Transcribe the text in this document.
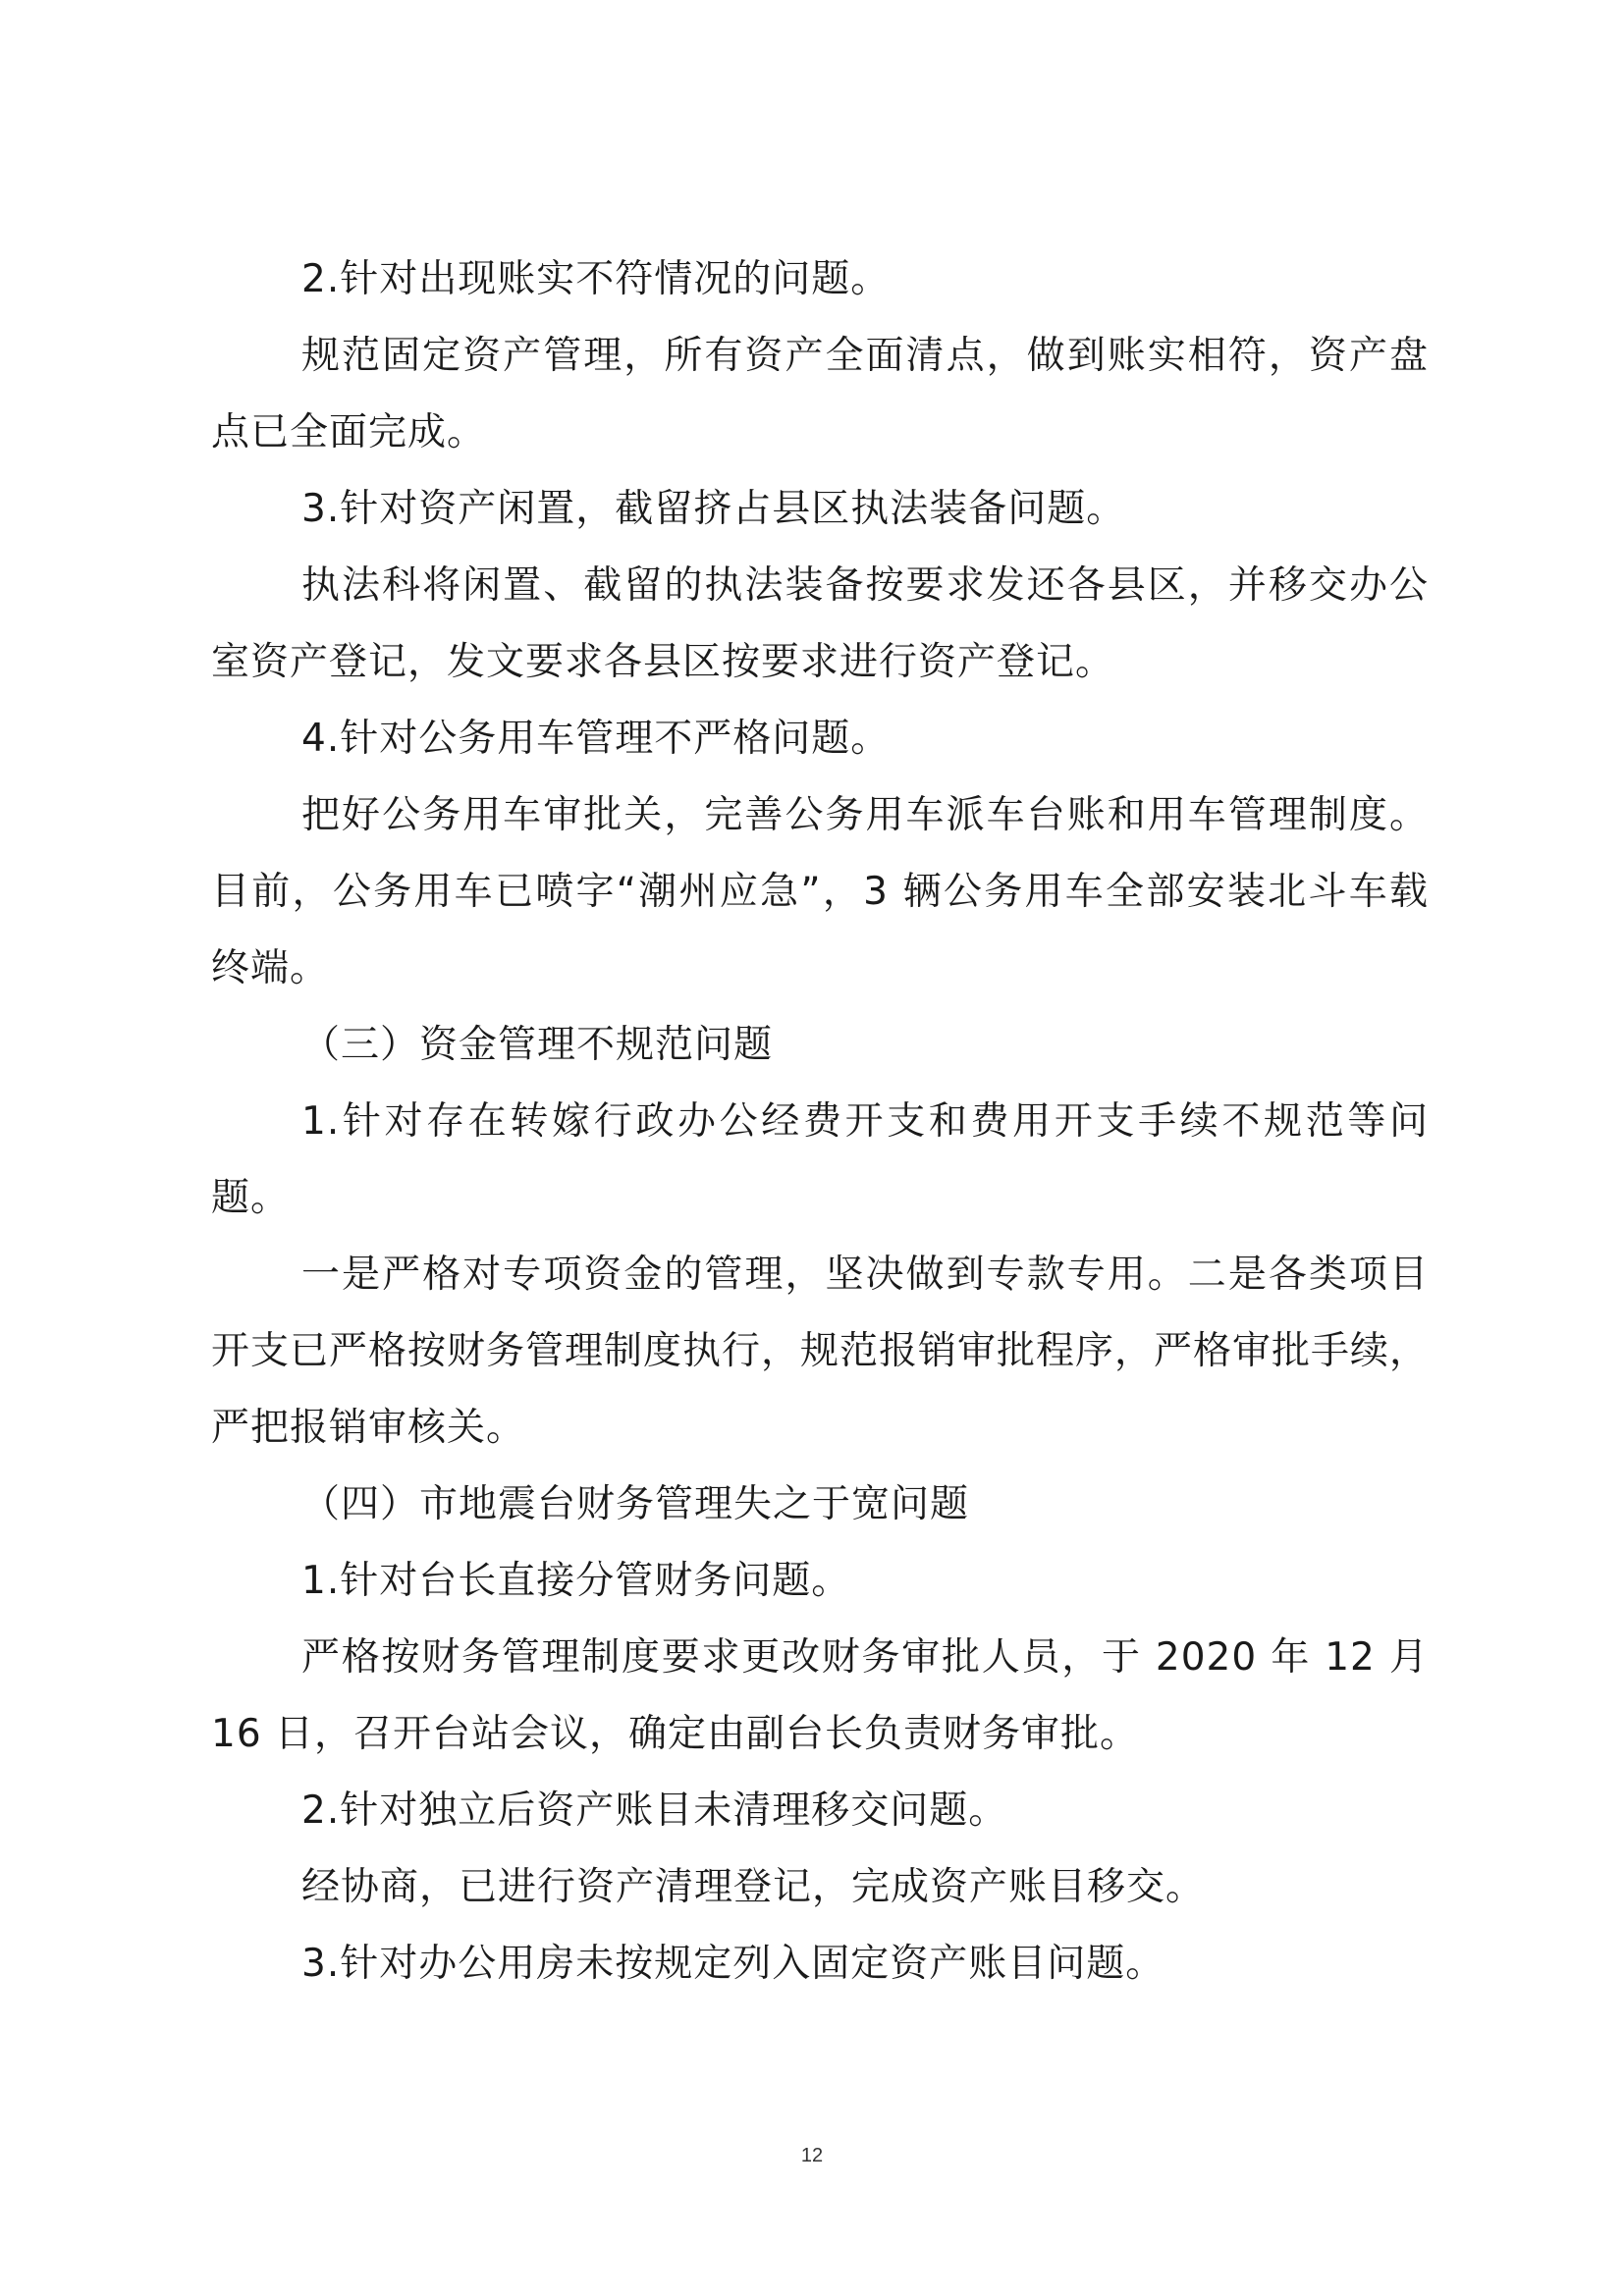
2.针对出现账实不符情况的问题。

规范固定资产管理，所有资产全面清点，做到账实相符，资产盘点已全面完成。

3.针对资产闲置，截留挤占县区执法装备问题。

执法科将闲置、截留的执法装备按要求发还各县区，并移交办公室资产登记，发文要求各县区按要求进行资产登记。

4.针对公务用车管理不严格问题。

把好公务用车审批关，完善公务用车派车台账和用车管理制度。目前，公务用车已喷字“潮州应急”，3 辆公务用车全部安装北斗车载终端。

（三）资金管理不规范问题

1.针对存在转嫁行政办公经费开支和费用开支手续不规范等问题。

一是严格对专项资金的管理，坚决做到专款专用。二是各类项目开支已严格按财务管理制度执行，规范报销审批程序，严格审批手续，严把报销审核关。

（四）市地震台财务管理失之于宽问题

1.针对台长直接分管财务问题。

严格按财务管理制度要求更改财务审批人员，于 2020 年 12 月 16 日，召开台站会议，确定由副台长负责财务审批。

2.针对独立后资产账目未清理移交问题。

经协商，已进行资产清理登记，完成资产账目移交。

3.针对办公用房未按规定列入固定资产账目问题。

12
